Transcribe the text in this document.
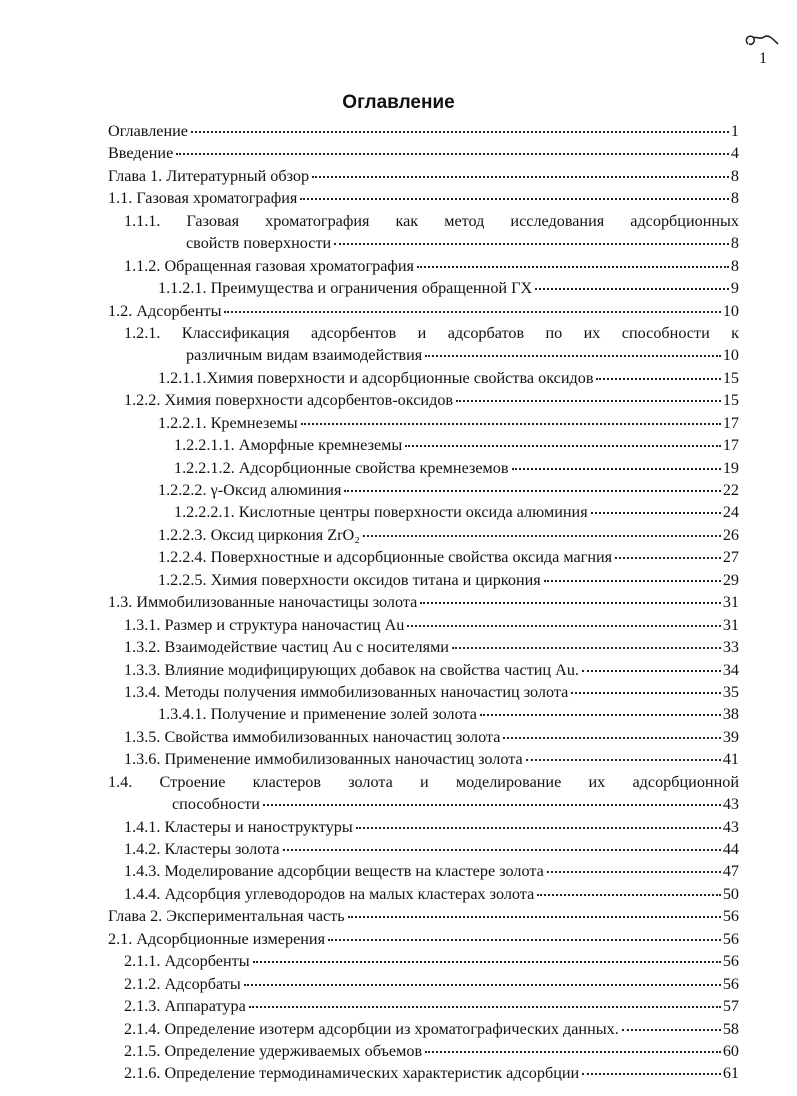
1
Оглавление
Оглавление	1
Введение	4
Глава 1. Литературный обзор	8
1.1. Газовая хроматография	8
1.1.1. Газовая хроматография как метод исследования адсорбционных
свойств поверхности	8
1.1.2. Обращенная газовая хроматография	8
1.1.2.1. Преимущества и ограничения обращенной ГХ	9
1.2. Адсорбенты	10
1.2.1. Классификация адсорбентов и адсорбатов по их способности к
различным видам взаимодействия	10
1.2.1.1.Химия поверхности и адсорбционные свойства оксидов	15
1.2.2. Химия поверхности адсорбентов-оксидов	15
1.2.2.1. Кремнеземы	17
1.2.2.1.1. Аморфные кремнеземы	17
1.2.2.1.2. Адсорбционные свойства кремнеземов	19
1.2.2.2. γ-Оксид алюминия	22
1.2.2.2.1. Кислотные центры поверхности оксида алюминия	24
1.2.2.3. Оксид циркония ZrO₂	26
1.2.2.4. Поверхностные и адсорбционные свойства оксида магния	27
1.2.2.5. Химия поверхности оксидов титана и циркония	29
1.3. Иммобилизованные наночастицы золота	31
1.3.1. Размер и структура наночастиц Au	31
1.3.2. Взаимодействие частиц Au с носителями	33
1.3.3. Влияние модифицирующих добавок на свойства частиц Au.	34
1.3.4. Методы получения иммобилизованных наночастиц золота	35
1.3.4.1. Получение и применение золей золота	38
1.3.5. Свойства иммобилизованных наночастиц золота	39
1.3.6. Применение иммобилизованных наночастиц золота	41
1.4. Строение кластеров золота и моделирование их адсорбционной
способности	43
1.4.1. Кластеры и наноструктуры	43
1.4.2. Кластеры золота	44
1.4.3. Моделирование адсорбции веществ на кластере золота	47
1.4.4. Адсорбция углеводородов на малых кластерах золота	50
Глава 2. Экспериментальная часть	56
2.1. Адсорбционные измерения	56
2.1.1. Адсорбенты	56
2.1.2. Адсорбаты	56
2.1.3. Аппаратура	57
2.1.4. Определение изотерм адсорбции из хроматографических данных.	58
2.1.5. Определение удерживаемых объемов	60
2.1.6. Определение термодинамических характеристик адсорбции	61
